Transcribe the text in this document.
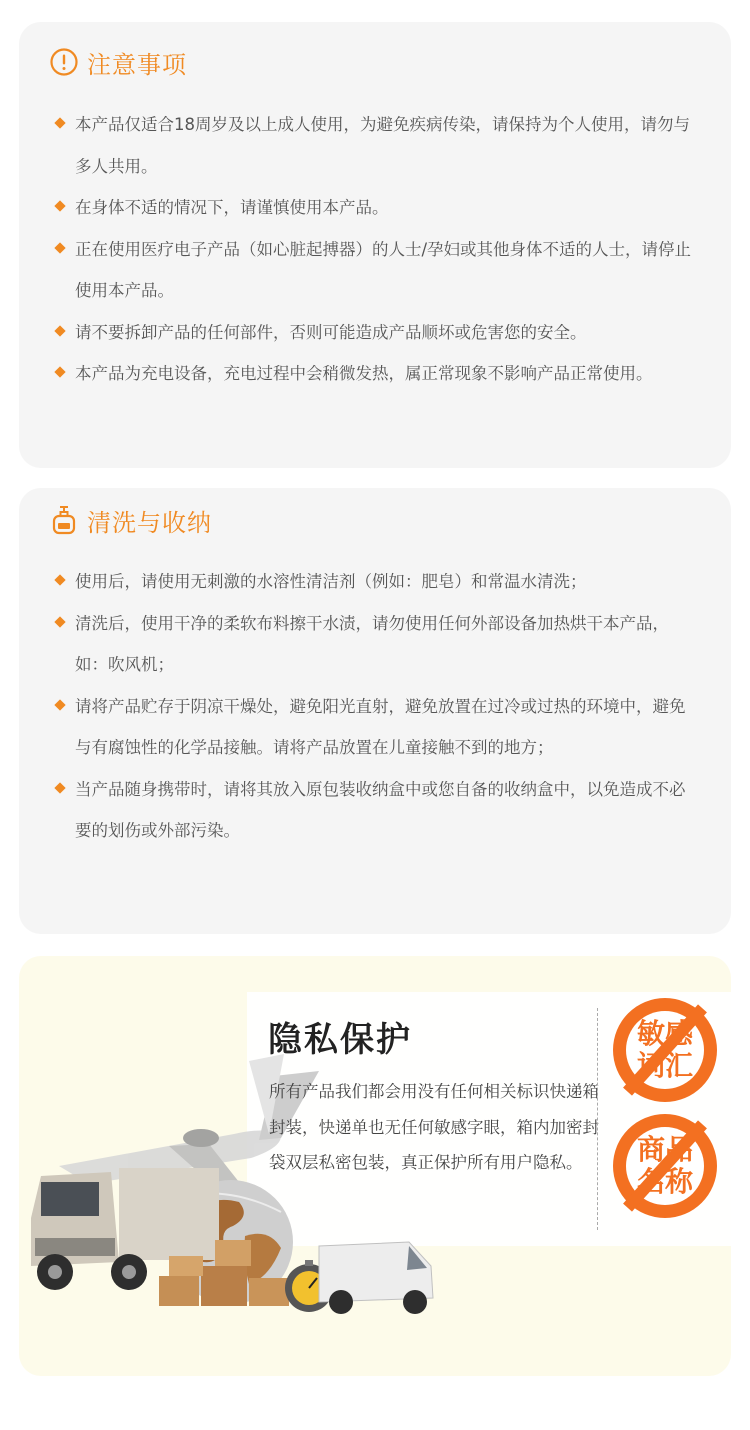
注意事项
本产品仅适合18周岁及以上成人使用，为避免疾病传染，请保持为个人使用，请勿与多人共用。
在身体不适的情况下，请谨慎使用本产品。
正在使用医疗电子产品（如心脏起搏器）的人士/孕妇或其他身体不适的人士，请停止使用本产品。
请不要拆卸产品的任何部件，否则可能造成产品顺坏或危害您的安全。
本产品为充电设备，充电过程中会稍微发热，属正常现象不影响产品正常使用。
清洗与收纳
使用后，请使用无刺激的水溶性清洁剂（例如：肥皂）和常温水清洗；
清洗后，使用干净的柔软布料擦干水渍，请勿使用任何外部设备加热烘干本产品，如：吹风机；
请将产品贮存于阴凉干燥处，避免阳光直射，避免放置在过冷或过热的环境中，避免与有腐蚀性的化学品接触。请将产品放置在儿童接触不到的地方；
当产品随身携带时，请将其放入原包装收纳盒中或您自备的收纳盒中，以免造成不必要的划伤或外部污染。
隐私保护
所有产品我们都会用没有任何相关标识快递箱封装，快递单也无任何敏感字眼，箱内加密封袋双层私密包装，真正保护所有用户隐私。
敏感
词汇
商品
名称
